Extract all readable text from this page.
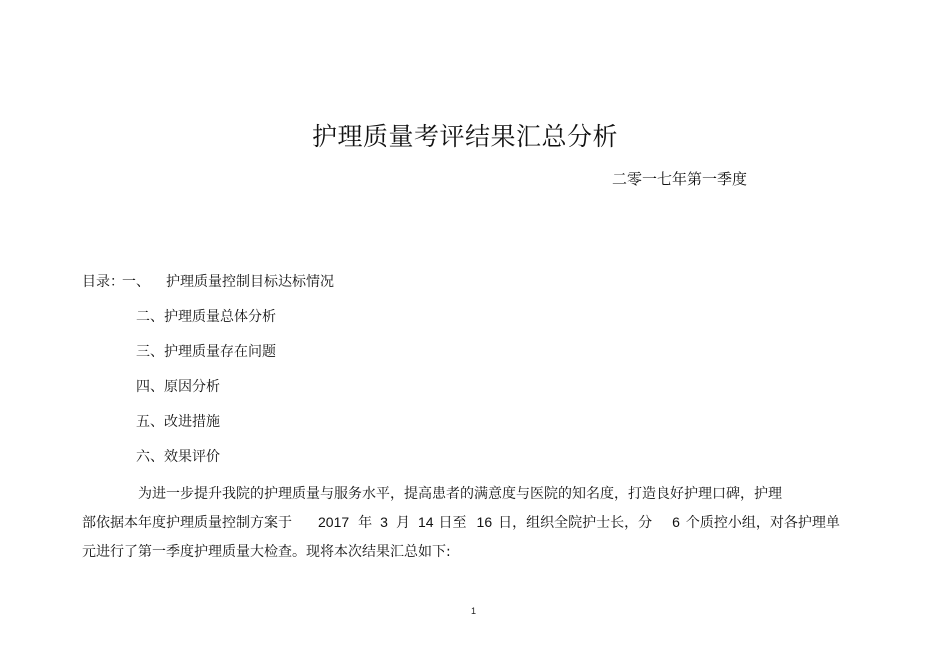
护理质量考评结果汇总分析
二零一七年第一季度
目录：一、 护理质量控制目标达标情况
二、护理质量总体分析
三、护理质量存在问题
四、原因分析
五、改进措施
六、效果评价
为进一步提升我院的护理质量与服务水平，提高患者的满意度与医院的知名度，打造良好护理口碑，护理
部依据本年度护理质量控制方案于 2017 年 3 月 14 日至 16 日，组织全院护士长，分 6 个质控小组，对各护理单
元进行了第一季度护理质量大检查。现将本次结果汇总如下:
1
